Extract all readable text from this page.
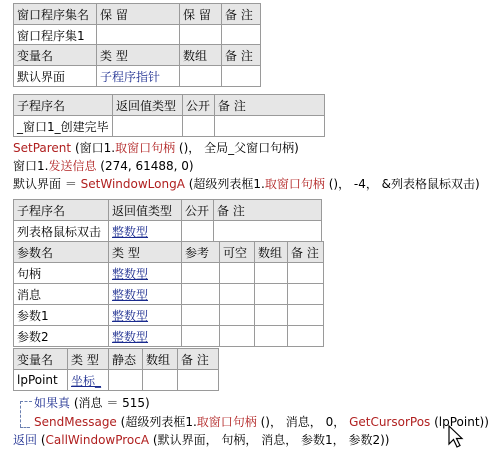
窗口程序集名	保 留	保 留	备 注
窗口程序集1			
变量名	类 型	数组	备 注
默认界面	子程序指针		
子程序名	返回值类型	公开	备 注
_窗口1_创建完毕			
SetParent (窗口1.取窗口句柄 ()， 全局_父窗口句柄)
窗口1.发送信息 (274, 61488, 0)
默认界面 ＝ SetWindowLongA (超级列表框1.取窗口句柄 ()， -4， &列表格鼠标双击)
子程序名	返回值类型	公开	备 注
列表格鼠标双击	整数型		
参数名	类 型	参考	可空	数组	备 注
句柄	整数型				
消息	整数型				
参数1	整数型				
参数2	整数型				
变量名	类 型	静态	数组	备 注
lpPoint	坐标_			
如果真 (消息 ＝ 515)
SendMessage (超级列表框1.取窗口句柄 ()， 消息， 0， GetCursorPos (lpPoint))
返回 (CallWindowProcA (默认界面， 句柄， 消息， 参数1， 参数2))
